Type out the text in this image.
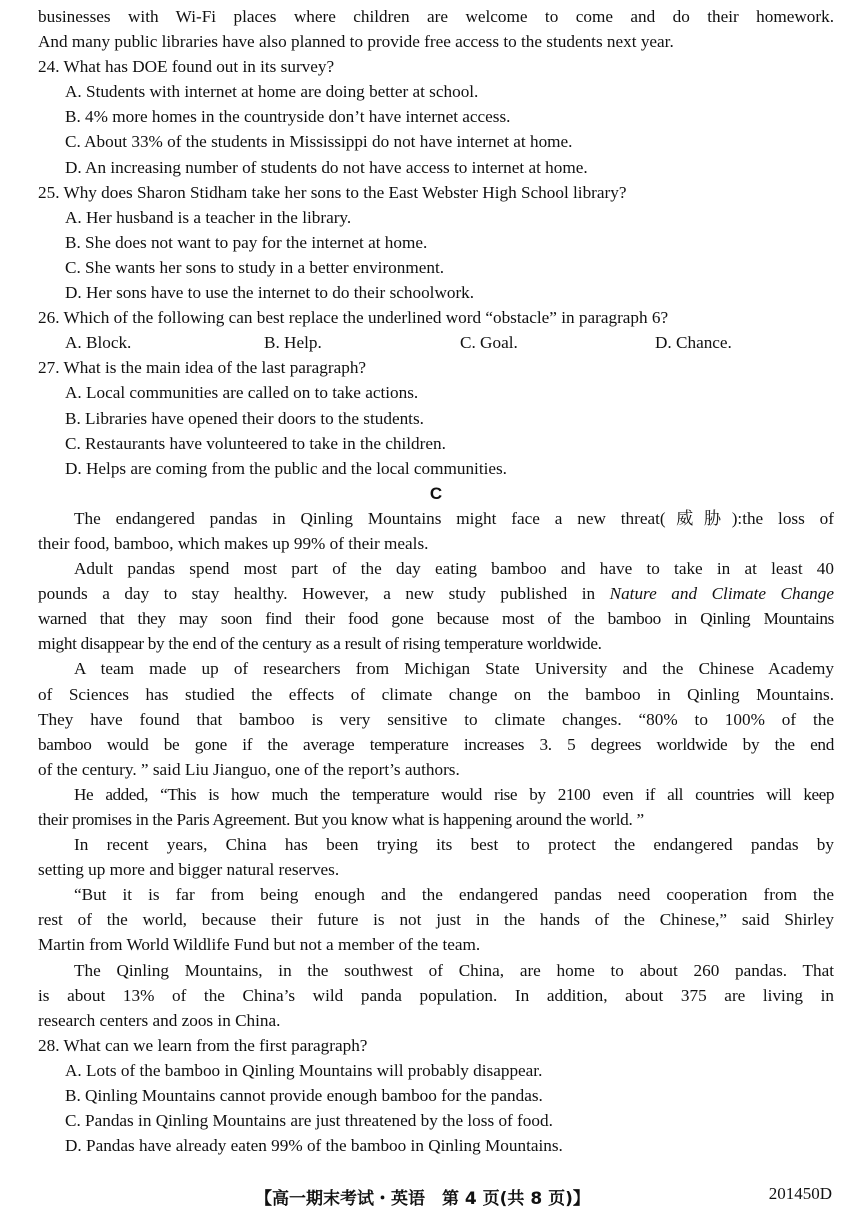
businesses with Wi-Fi places where children are welcome to come and do their homework.
And many public libraries have also planned to provide free access to the students next year.
24. What has DOE found out in its survey?
A. Students with internet at home are doing better at school.
B. 4% more homes in the countryside don’t have internet access.
C. About 33% of the students in Mississippi do not have internet at home.
D. An increasing number of students do not have access to internet at home.
25. Why does Sharon Stidham take her sons to the East Webster High School library?
A. Her husband is a teacher in the library.
B. She does not want to pay for the internet at home.
C. She wants her sons to study in a better environment.
D. Her sons have to use the internet to do their schoolwork.
26. Which of the following can best replace the underlined word “obstacle” in paragraph 6?
A. Block.	B. Help.	C. Goal.	D. Chance.
27. What is the main idea of the last paragraph?
A. Local communities are called on to take actions.
B. Libraries have opened their doors to the students.
C. Restaurants have volunteered to take in the children.
D. Helps are coming from the public and the local communities.
C
The endangered pandas in Qinling Mountains might face a new threat(威胁):the loss of
their food, bamboo, which makes up 99% of their meals.
Adult pandas spend most part of the day eating bamboo and have to take in at least 40
pounds a day to stay healthy. However, a new study published in Nature and Climate Change
warned that they may soon find their food gone because most of the bamboo in Qinling Mountains
might disappear by the end of the century as a result of rising temperature worldwide.
A team made up of researchers from Michigan State University and the Chinese Academy
of Sciences has studied the effects of climate change on the bamboo in Qinling Mountains.
They have found that bamboo is very sensitive to climate changes. “80% to 100% of the
bamboo would be gone if the average temperature increases 3. 5 degrees worldwide by the end
of the century. ” said Liu Jianguo, one of the report’s authors.
He added, “This is how much the temperature would rise by 2100 even if all countries will keep
their promises in the Paris Agreement. But you know what is happening around the world. ”
In recent years, China has been trying its best to protect the endangered pandas by
setting up more and bigger natural reserves.
“But it is far from being enough and the endangered pandas need cooperation from the
rest of the world, because their future is not just in the hands of the Chinese,” said Shirley
Martin from World Wildlife Fund but not a member of the team.
The Qinling Mountains, in the southwest of China, are home to about 260 pandas. That
is about 13% of the China’s wild panda population. In addition, about 375 are living in
research centers and zoos in China.
28. What can we learn from the first paragraph?
A. Lots of the bamboo in Qinling Mountains will probably disappear.
B. Qinling Mountains cannot provide enough bamboo for the pandas.
C. Pandas in Qinling Mountains are just threatened by the loss of food.
D. Pandas have already eaten 99% of the bamboo in Qinling Mountains.
【高一期末考试・英语　第 4 页(共 8 页)】	201450D
